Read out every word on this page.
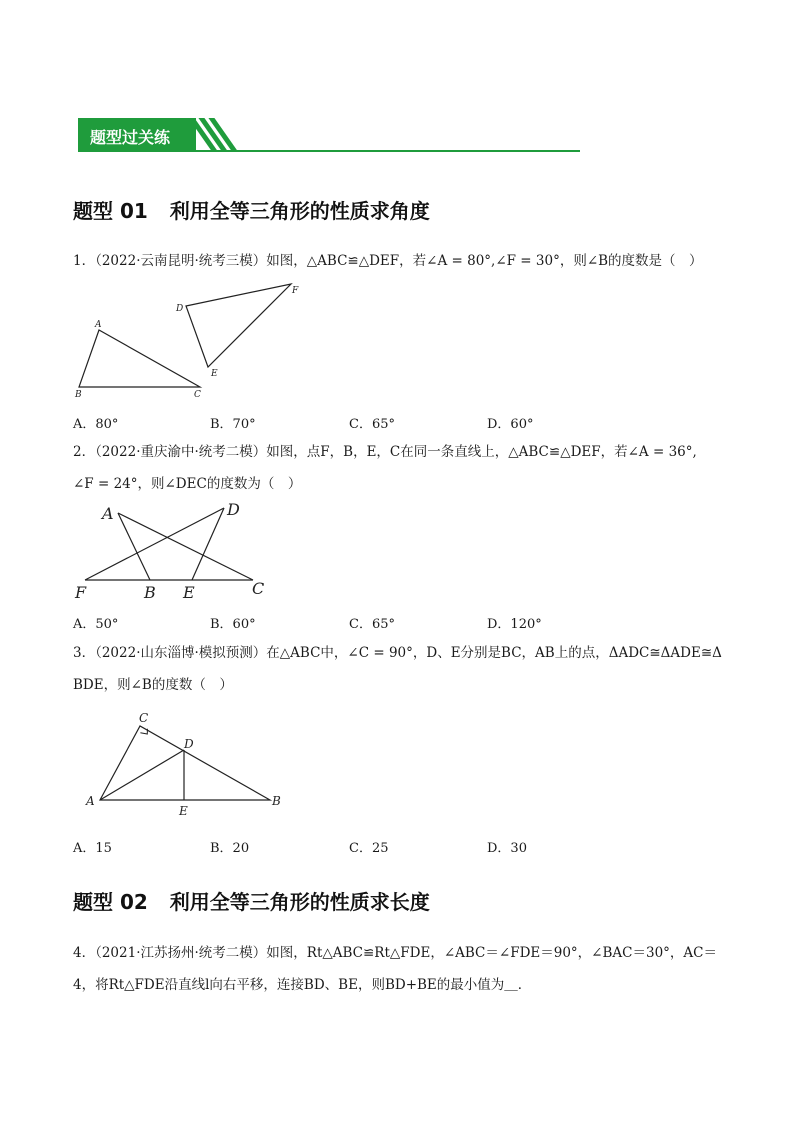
题型过关练
题型 01 利用全等三角形的性质求角度
1．（2022·云南昆明·统考三模）如图，△ABC≌△DEF，若∠A = 80°,∠F = 30°，则∠B的度数是（　）
A
B	C
D
E
F
A．80°	B．70°	C．65°	D．60°
2．（2022·重庆渝中·统考二模）如图，点F，B，E，C在同一条直线上，△ABC≌△DEF，若∠A = 36°,
∠F = 24°，则∠DEC的度数为（　）
A	D
F	B E	C
A．50°	B．60°	C．65°	D．120°
3．（2022·山东淄博·模拟预测）在△ABC中，∠C = 90°，D、E分别是BC，AB上的点，ΔADC≅ΔADE≅Δ
BDE，则∠B的度数（　）
C
D
A	B
E
A．15	B．20	C．25	D．30
题型 02 利用全等三角形的性质求长度
4．（2021·江苏扬州·统考二模）如图，Rt△ABC≌Rt△FDE，∠ABC＝∠FDE＝90°，∠BAC＝30°，AC＝
4，将Rt△FDE沿直线l向右平移，连接BD、BE，则BD+BE的最小值为＿．
